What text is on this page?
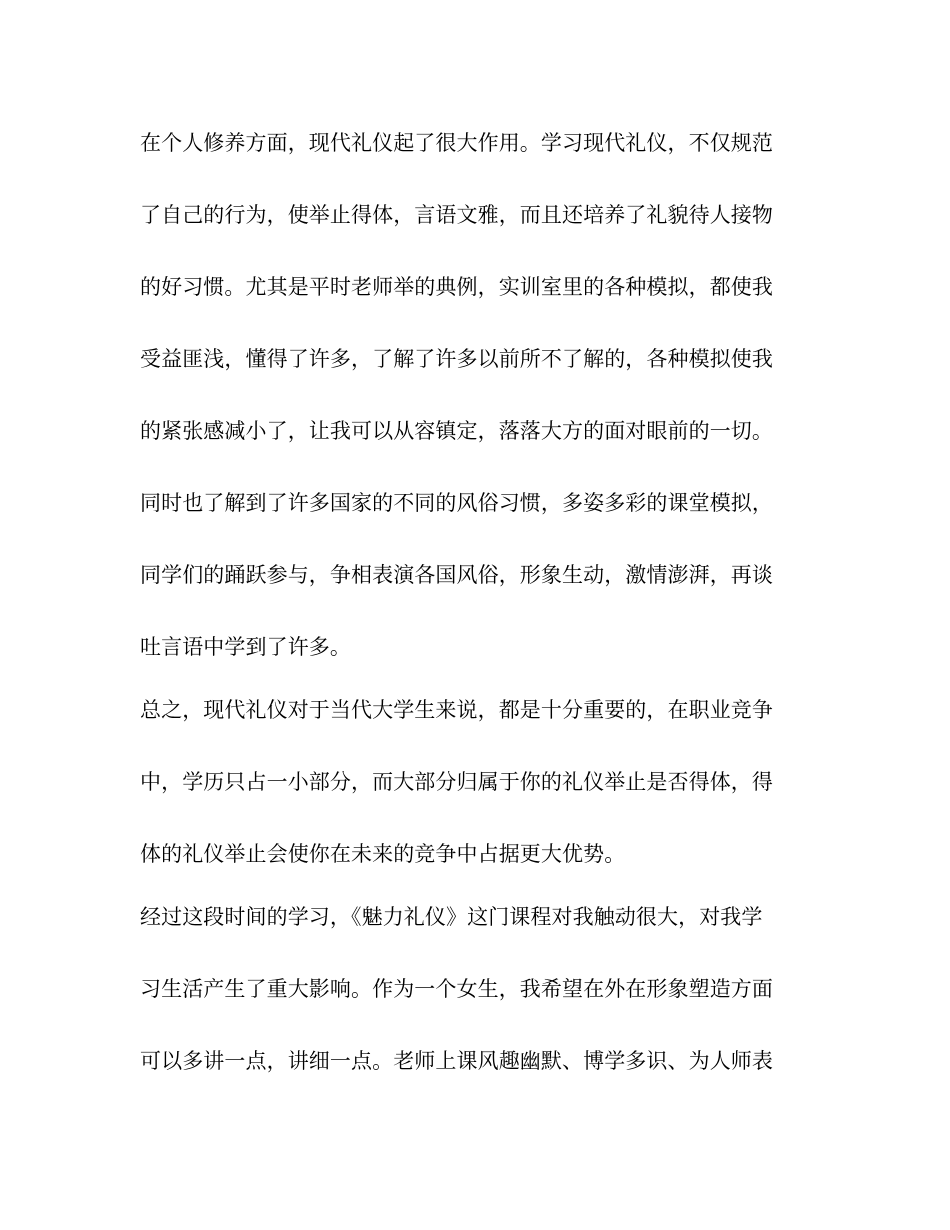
在个人修养方面，现代礼仪起了很大作用。学习现代礼仪，不仅规范
了自己的行为，使举止得体，言语文雅，而且还培养了礼貌待人接物
的好习惯。尤其是平时老师举的典例，实训室里的各种模拟，都使我
受益匪浅，懂得了许多，了解了许多以前所不了解的，各种模拟使我
的紧张感减小了，让我可以从容镇定，落落大方的面对眼前的一切。
同时也了解到了许多国家的不同的风俗习惯，多姿多彩的课堂模拟，
同学们的踊跃参与，争相表演各国风俗，形象生动，激情澎湃，再谈
吐言语中学到了许多。
总之，现代礼仪对于当代大学生来说，都是十分重要的，在职业竞争
中，学历只占一小部分，而大部分归属于你的礼仪举止是否得体，得
体的礼仪举止会使你在未来的竞争中占据更大优势。
经过这段时间的学习，《魅力礼仪》这门课程对我触动很大，对我学
习生活产生了重大影响。作为一个女生，我希望在外在形象塑造方面
可以多讲一点，讲细一点。老师上课风趣幽默、博学多识、为人师表
